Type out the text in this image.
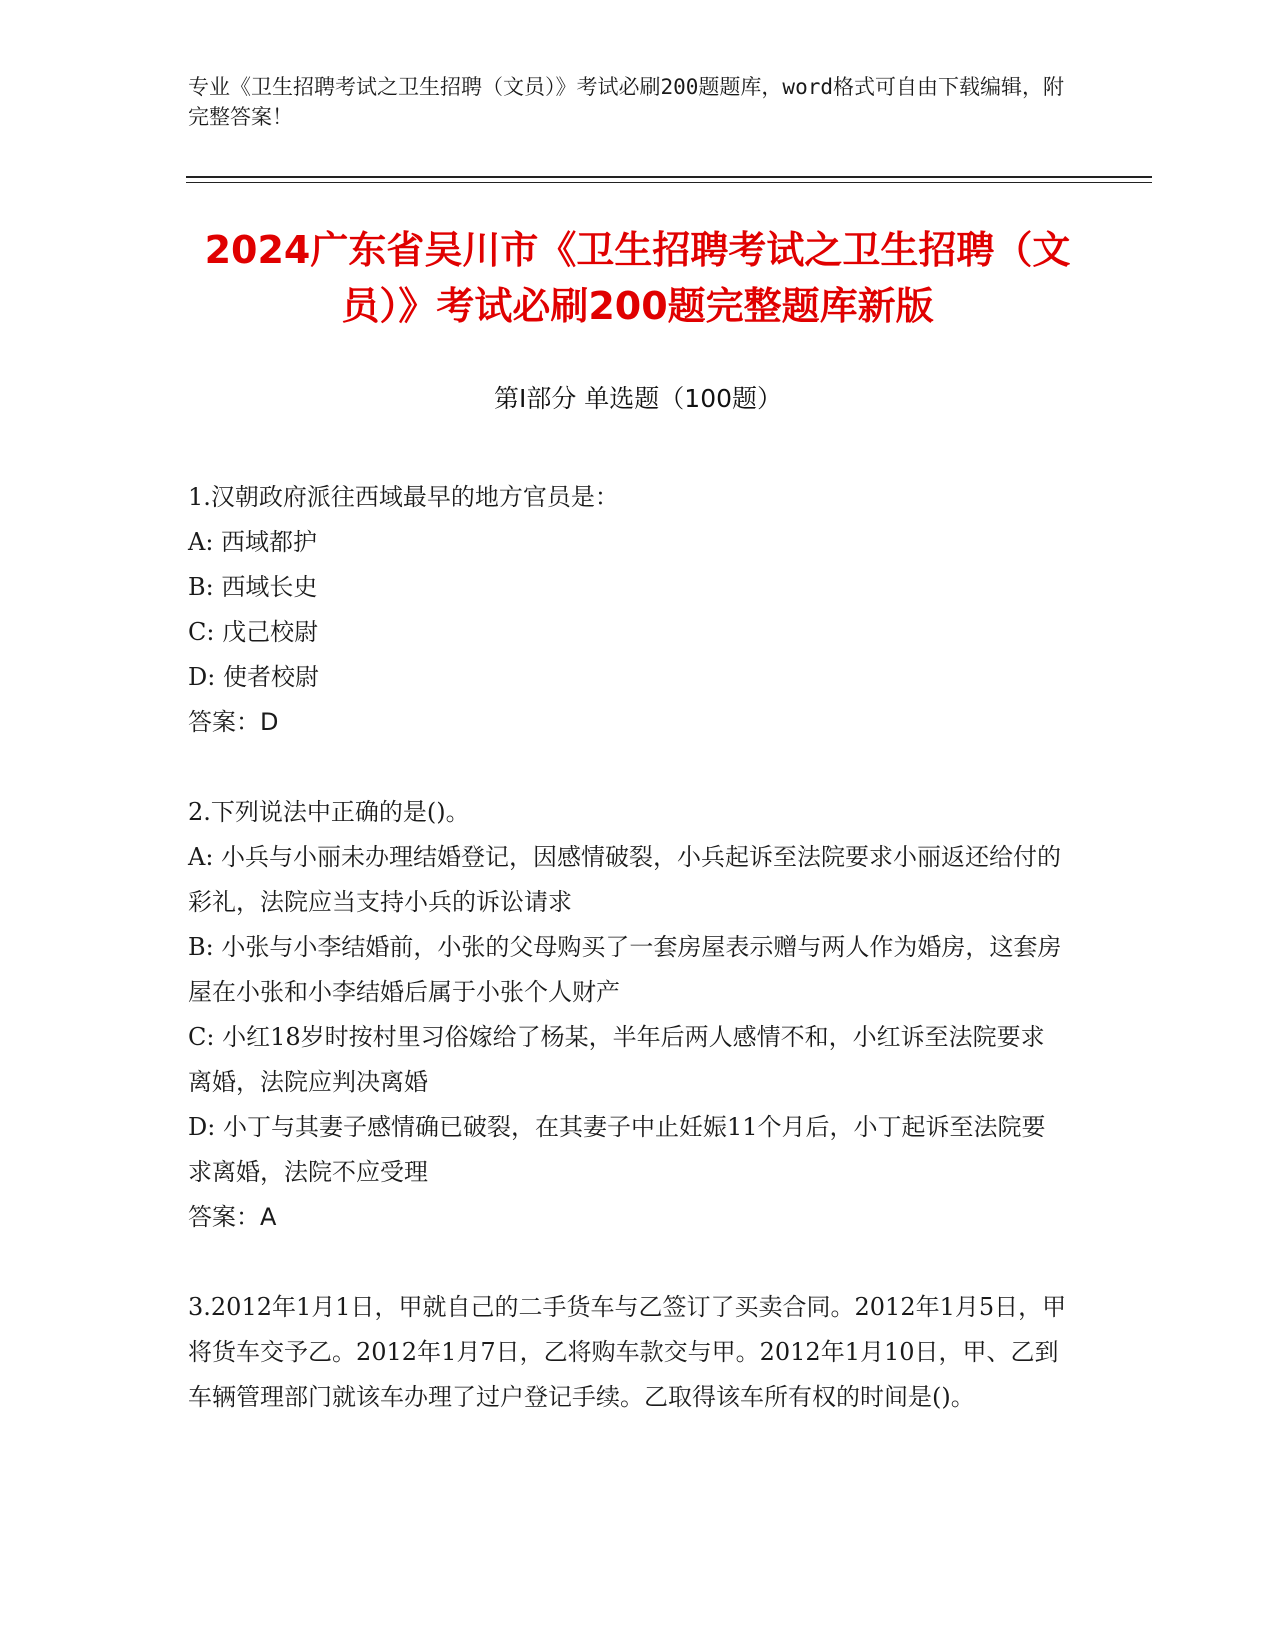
专业《卫生招聘考试之卫生招聘（文员）》考试必刷200题题库，word格式可自由下载编辑，附完整答案！
2024广东省吴川市《卫生招聘考试之卫生招聘（文员）》考试必刷200题完整题库新版
第I部分 单选题（100题）

1.汉朝政府派往西域最早的地方官员是：

A: 西域都护

B: 西域长史

C: 戊己校尉

D: 使者校尉

答案：D

2.下列说法中正确的是()。

A: 小兵与小丽未办理结婚登记，因感情破裂，小兵起诉至法院要求小丽返还给付的彩礼，法院应当支持小兵的诉讼请求

B: 小张与小李结婚前，小张的父母购买了一套房屋表示赠与两人作为婚房，这套房屋在小张和小李结婚后属于小张个人财产

C: 小红18岁时按村里习俗嫁给了杨某，半年后两人感情不和，小红诉至法院要求离婚，法院应判决离婚

D: 小丁与其妻子感情确已破裂，在其妻子中止妊娠11个月后，小丁起诉至法院要求离婚，法院不应受理

答案：A

3.2012年1月1日，甲就自己的二手货车与乙签订了买卖合同。2012年1月5日，甲将货车交予乙。2012年1月7日，乙将购车款交与甲。2012年1月10日，甲、乙到车辆管理部门就该车办理了过户登记手续。乙取得该车所有权的时间是()。
